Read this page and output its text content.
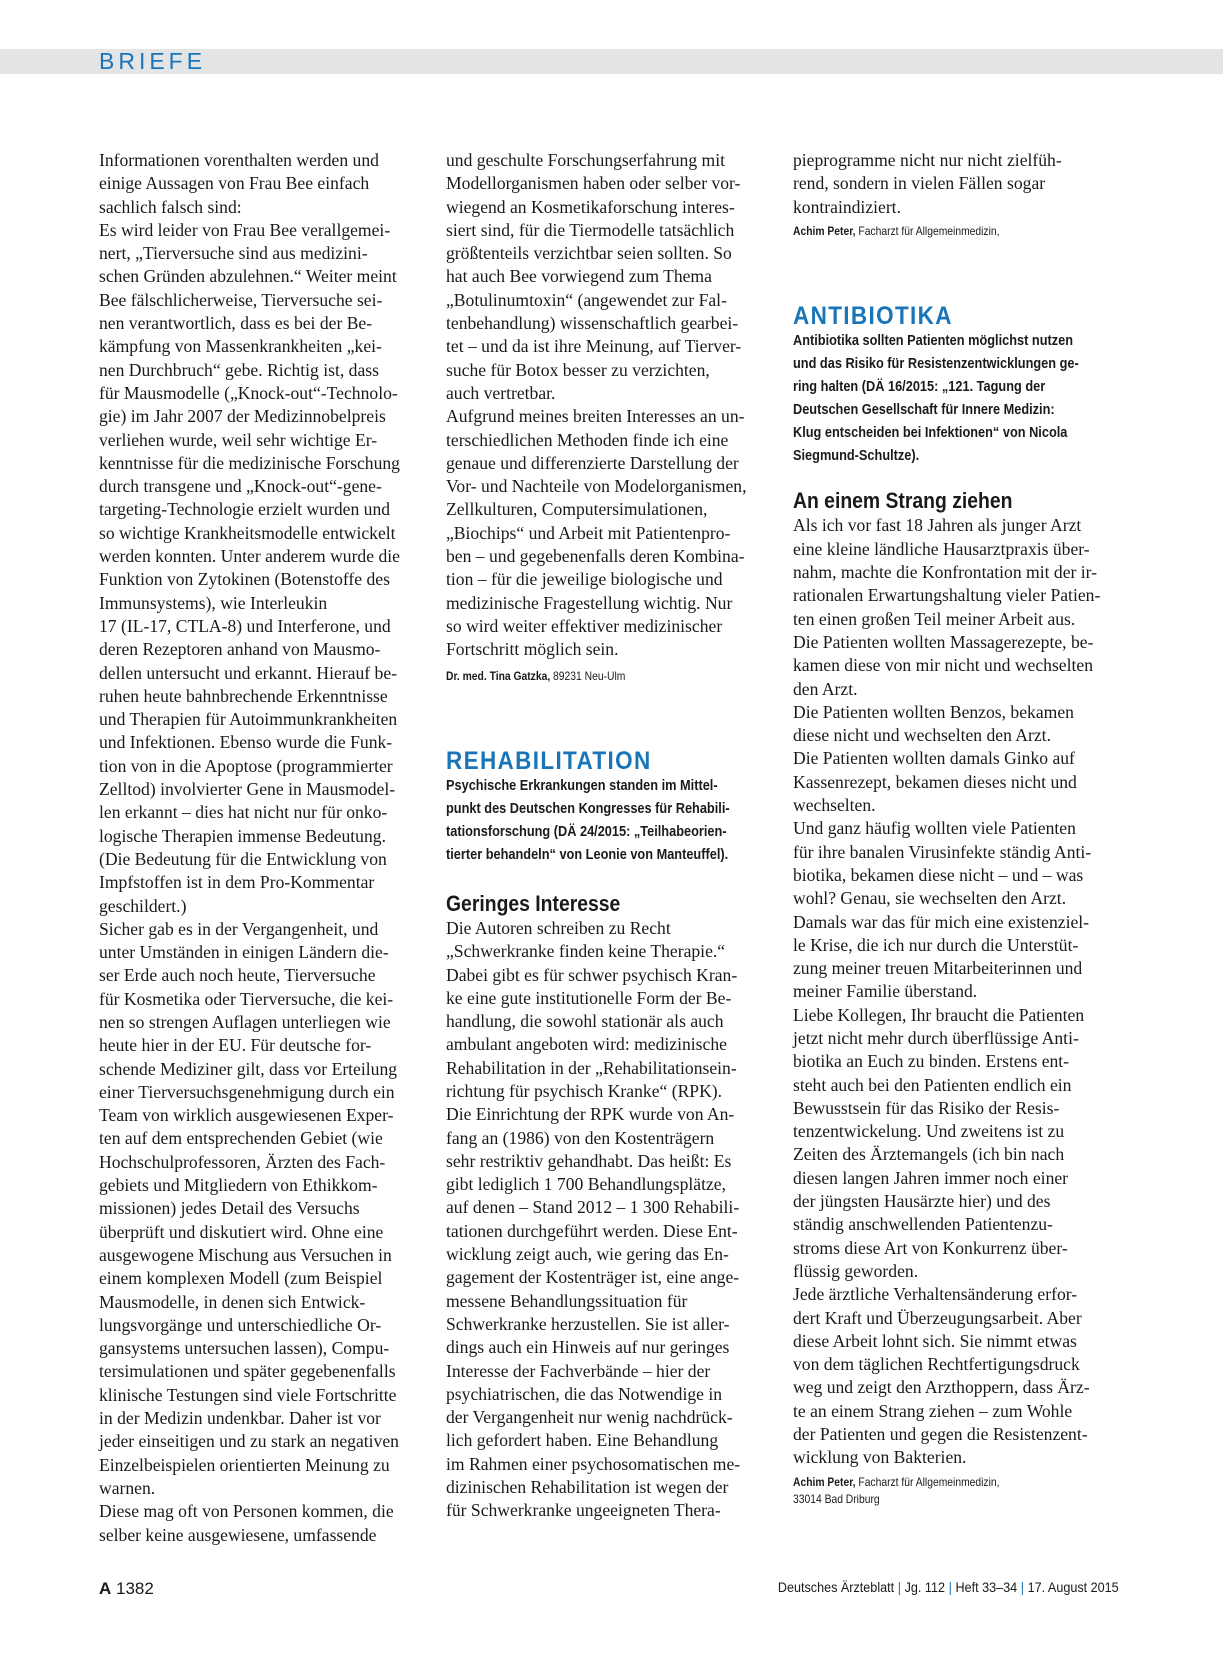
BRIEFE

Informationen vorenthalten werden und
einige Aussagen von Frau Bee einfach
sachlich falsch sind:
Es wird leider von Frau Bee verallgemei-
nert, „Tierversuche sind aus medizini-
schen Gründen abzulehnen.“ Weiter meint
Bee fälschlicherweise, Tierversuche sei-
nen verantwortlich, dass es bei der Be-
kämpfung von Massenkrankheiten „kei-
nen Durchbruch“ gebe. Richtig ist, dass
für Mausmodelle („Knock-out“-Technolo-
gie) im Jahr 2007 der Medizinnobelpreis
verliehen wurde, weil sehr wichtige Er-
kenntnisse für die medizinische Forschung
durch transgene und „Knock-out“-gene-
targeting-Technologie erzielt wurden und
so wichtige Krankheitsmodelle entwickelt
werden konnten. Unter anderem wurde die
Funktion von Zytokinen (Botenstoffe des
Immunsystems), wie Interleukin
17 (IL-17, CTLA-8) und Interferone, und
deren Rezeptoren anhand von Mausmo-
dellen untersucht und erkannt. Hierauf be-
ruhen heute bahnbrechende Erkenntnisse
und Therapien für Autoimmunkrankheiten
und Infektionen. Ebenso wurde die Funk-
tion von in die Apoptose (programmierter
Zelltod) involvierter Gene in Mausmodel-
len erkannt – dies hat nicht nur für onko-
logische Therapien immense Bedeutung.
(Die Bedeutung für die Entwicklung von
Impfstoffen ist in dem Pro-Kommentar
geschildert.)
Sicher gab es in der Vergangenheit, und
unter Umständen in einigen Ländern die-
ser Erde auch noch heute, Tierversuche
für Kosmetika oder Tierversuche, die kei-
nen so strengen Auflagen unterliegen wie
heute hier in der EU. Für deutsche for-
schende Mediziner gilt, dass vor Erteilung
einer Tierversuchsgenehmigung durch ein
Team von wirklich ausgewiesenen Exper-
ten auf dem entsprechenden Gebiet (wie
Hochschulprofessoren, Ärzten des Fach-
gebiets und Mitgliedern von Ethikkom-
missionen) jedes Detail des Versuchs
überprüft und diskutiert wird. Ohne eine
ausgewogene Mischung aus Versuchen in
einem komplexen Modell (zum Beispiel
Mausmodelle, in denen sich Entwick-
lungsvorgänge und unterschiedliche Or-
gansystems untersuchen lassen), Compu-
tersimulationen und später gegebenenfalls
klinische Testungen sind viele Fortschritte
in der Medizin undenkbar. Daher ist vor
jeder einseitigen und zu stark an negativen
Einzelbeispielen orientierten Meinung zu
warnen.
Diese mag oft von Personen kommen, die
selber keine ausgewiesene, umfassende

und geschulte Forschungserfahrung mit
Modellorganismen haben oder selber vor-
wiegend an Kosmetikaforschung interes-
siert sind, für die Tiermodelle tatsächlich
größtenteils verzichtbar seien sollten. So
hat auch Bee vorwiegend zum Thema
„Botulinumtoxin“ (angewendet zur Fal-
tenbehandlung) wissenschaftlich gearbei-
tet – und da ist ihre Meinung, auf Tierver-
suche für Botox besser zu verzichten,
auch vertretbar.
Aufgrund meines breiten Interesses an un-
terschiedlichen Methoden finde ich eine
genaue und differenzierte Darstellung der
Vor- und Nachteile von Modelorganismen,
Zellkulturen, Computersimulationen,
„Biochips“ und Arbeit mit Patientenpro-
ben – und gegebenenfalls deren Kombina-
tion – für die jeweilige biologische und
medizinische Fragestellung wichtig. Nur
so wird weiter effektiver medizinischer
Fortschritt möglich sein.

Dr. med. Tina Gatzka, 89231 Neu-Ulm

REHABILITATION

Psychische Erkrankungen standen im Mittel-
punkt des Deutschen Kongresses für Rehabili-
tationsforschung (DÄ 24/2015: „Teilhabeorien-
tierter behandeln“ von Leonie von Manteuffel).

Geringes Interesse

Die Autoren schreiben zu Recht
„Schwerkranke finden keine Therapie.“
Dabei gibt es für schwer psychisch Kran-
ke eine gute institutionelle Form der Be-
handlung, die sowohl stationär als auch
ambulant angeboten wird: medizinische
Rehabilitation in der „Rehabilitationsein-
richtung für psychisch Kranke“ (RPK).
Die Einrichtung der RPK wurde von An-
fang an (1986) von den Kostenträgern
sehr restriktiv gehandhabt. Das heißt: Es
gibt lediglich 1 700 Behandlungsplätze,
auf denen – Stand 2012 – 1 300 Rehabili-
tationen durchgeführt werden. Diese Ent-
wicklung zeigt auch, wie gering das En-
gagement der Kostenträger ist, eine ange-
messene Behandlungssituation für
Schwerkranke herzustellen. Sie ist aller-
dings auch ein Hinweis auf nur geringes
Interesse der Fachverbände – hier der
psychiatrischen, die das Notwendige in
der Vergangenheit nur wenig nachdrück-
lich gefordert haben. Eine Behandlung
im Rahmen einer psychosomatischen me-
dizinischen Rehabilitation ist wegen der
für Schwerkranke ungeeigneten Thera-

pieprogramme nicht nur nicht zielfüh-
rend, sondern in vielen Fällen sogar
kontraindiziert.

Achim Peter, Facharzt für Allgemeinmedizin,

ANTIBIOTIKA

Antibiotika sollten Patienten möglichst nutzen
und das Risiko für Resistenzentwicklungen ge-
ring halten (DÄ 16/2015: „121. Tagung der
Deutschen Gesellschaft für Innere Medizin:
Klug entscheiden bei Infektionen“ von Nicola
Siegmund-Schultze).

An einem Strang ziehen

Als ich vor fast 18 Jahren als junger Arzt
eine kleine ländliche Hausarztpraxis über-
nahm, machte die Konfrontation mit der ir-
rationalen Erwartungshaltung vieler Patien-
ten einen großen Teil meiner Arbeit aus.
Die Patienten wollten Massagerezepte, be-
kamen diese von mir nicht und wechselten
den Arzt.
Die Patienten wollten Benzos, bekamen
diese nicht und wechselten den Arzt.
Die Patienten wollten damals Ginko auf
Kassenrezept, bekamen dieses nicht und
wechselten.
Und ganz häufig wollten viele Patienten
für ihre banalen Virusinfekte ständig Anti-
biotika, bekamen diese nicht – und – was
wohl? Genau, sie wechselten den Arzt.
Damals war das für mich eine existenziel-
le Krise, die ich nur durch die Unterstüt-
zung meiner treuen Mitarbeiterinnen und
meiner Familie überstand.
Liebe Kollegen, Ihr braucht die Patienten
jetzt nicht mehr durch überflüssige Anti-
biotika an Euch zu binden. Erstens ent-
steht auch bei den Patienten endlich ein
Bewusstsein für das Risiko der Resis-
tenzentwickelung. Und zweitens ist zu
Zeiten des Ärztemangels (ich bin nach
diesen langen Jahren immer noch einer
der jüngsten Hausärzte hier) und des
ständig anschwellenden Patientenzu-
stroms diese Art von Konkurrenz über-
flüssig geworden.
Jede ärztliche Verhaltensänderung erfor-
dert Kraft und Überzeugungsarbeit. Aber
diese Arbeit lohnt sich. Sie nimmt etwas
von dem täglichen Rechtfertigungsdruck
weg und zeigt den Arzthoppern, dass Ärz-
te an einem Strang ziehen – zum Wohle
der Patienten und gegen die Resistenzent-
wicklung von Bakterien.

Achim Peter, Facharzt für Allgemeinmedizin,
33014 Bad Driburg

A 1382	Deutsches Ärzteblatt | Jg. 112 | Heft 33–34 | 17. August 2015
